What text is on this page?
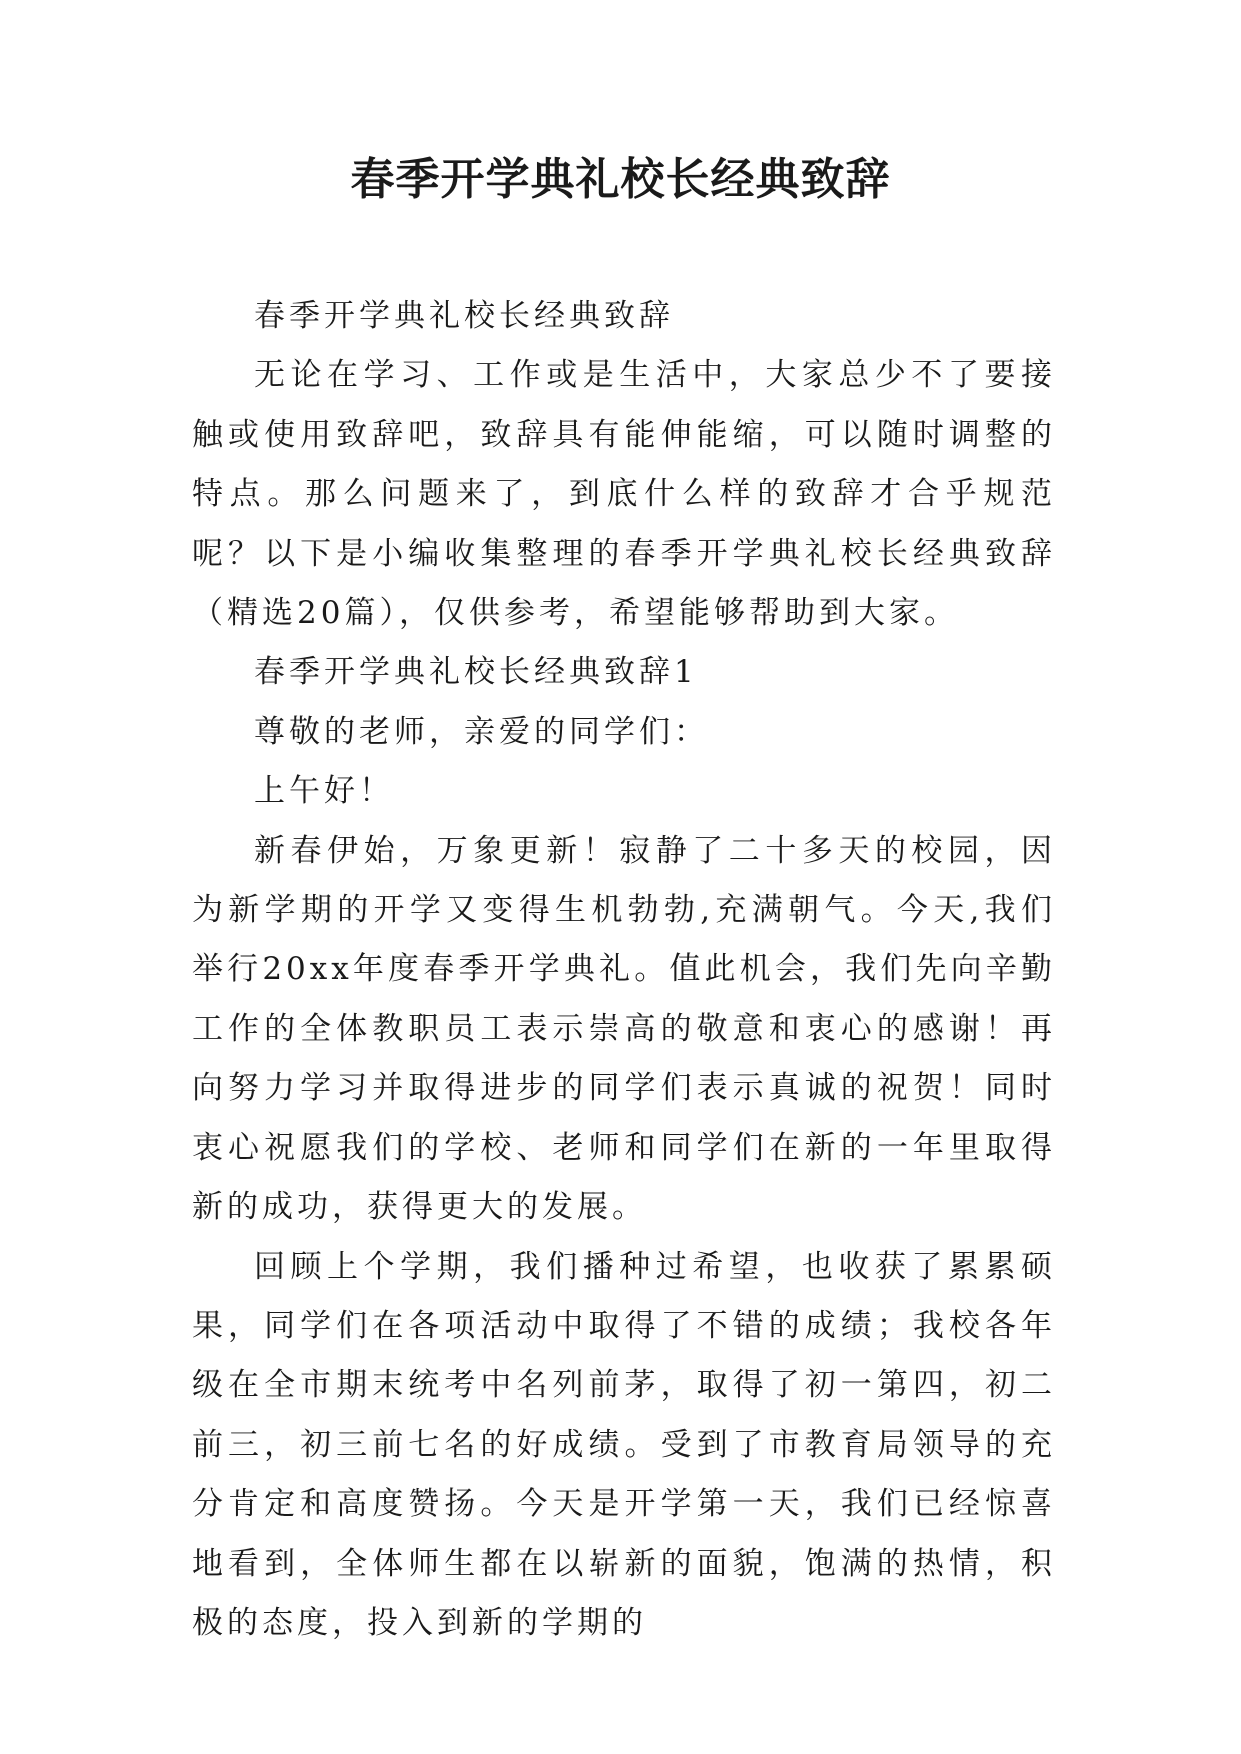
春季开学典礼校长经典致辞

春季开学典礼校长经典致辞

无论在学习、工作或是生活中，大家总少不了要接触或使用致辞吧，致辞具有能伸能缩，可以随时调整的特点。那么问题来了，到底什么样的致辞才合乎规范呢？以下是小编收集整理的春季开学典礼校长经典致辞（精选20篇），仅供参考，希望能够帮助到大家。

春季开学典礼校长经典致辞1

尊敬的老师，亲爱的同学们：

上午好！

新春伊始，万象更新！寂静了二十多天的校园，因为新学期的开学又变得生机勃勃,充满朝气。今天,我们举行20xx年度春季开学典礼。值此机会，我们先向辛勤工作的全体教职员工表示崇高的敬意和衷心的感谢！再向努力学习并取得进步的同学们表示真诚的祝贺！同时衷心祝愿我们的学校、老师和同学们在新的一年里取得新的成功，获得更大的发展。

回顾上个学期，我们播种过希望，也收获了累累硕果，同学们在各项活动中取得了不错的成绩；我校各年级在全市期末统考中名列前茅，取得了初一第四，初二前三，初三前七名的好成绩。受到了市教育局领导的充分肯定和高度赞扬。今天是开学第一天，我们已经惊喜地看到，全体师生都在以崭新的面貌，饱满的热情，积极的态度，投入到新的学期的
